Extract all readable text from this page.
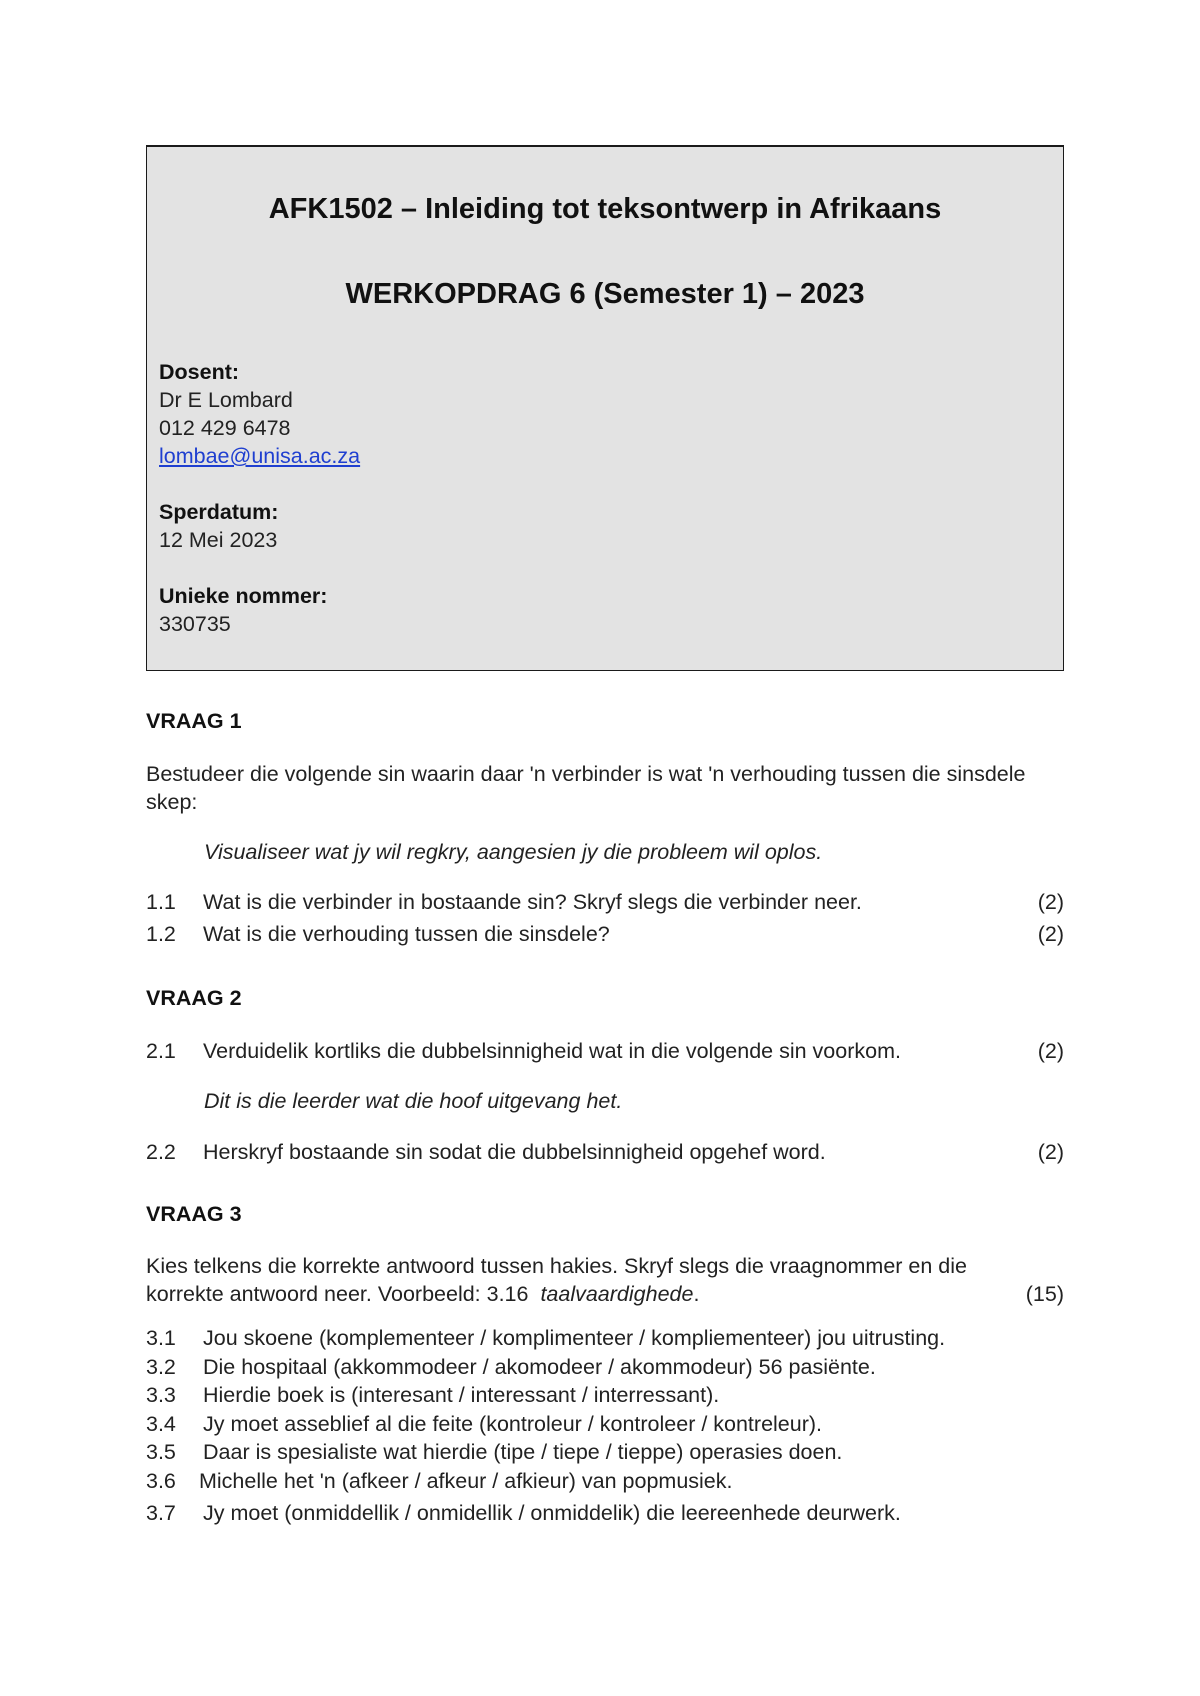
AFK1502 – Inleiding tot teksontwerp in Afrikaans
WERKOPDRAG 6 (Semester 1) – 2023
Dosent:
Dr E Lombard
012 429 6478
lombae@unisa.ac.za
Sperdatum:
12 Mei 2023
Unieke nommer:
330735
VRAAG 1

Bestudeer die volgende sin waarin daar 'n verbinder is wat 'n verhouding tussen die sinsdele skep:

Visualiseer wat jy wil regkry, aangesien jy die probleem wil oplos.
1.1 Wat is die verbinder in bostaande sin? Skryf slegs die verbinder neer.	(2)
1.2 Wat is die verhouding tussen die sinsdele?	(2)
VRAAG 2
2.1 Verduidelik kortliks die dubbelsinnigheid wat in die volgende sin voorkom.	(2)
Dit is die leerder wat die hoof uitgevang het.
2.2 Herskryf bostaande sin sodat die dubbelsinnigheid opgehef word.	(2)
VRAAG 3
Kies telkens die korrekte antwoord tussen hakies. Skryf slegs die vraagnommer en die
korrekte antwoord neer. Voorbeeld: 3.16 taalvaardighede.	(15)
3.1 Jou skoene (komplementeer / komplimenteer / kompliementeer) jou uitrusting.
3.2 Die hospitaal (akkommodeer / akomodeer / akommodeur) 56 pasiënte.
3.3 Hierdie boek is (interesant / interessant / interressant).
3.4 Jy moet asseblief al die feite (kontroleur / kontroleer / kontreleur).
3.5 Daar is spesialiste wat hierdie (tipe / tiepe / tieppe) operasies doen.
3.6 Michelle het 'n (afkeer / afkeur / afkieur) van popmusiek.
3.7 Jy moet (onmiddellik / onmidellik / onmiddelik) die leereenhede deurwerk.
